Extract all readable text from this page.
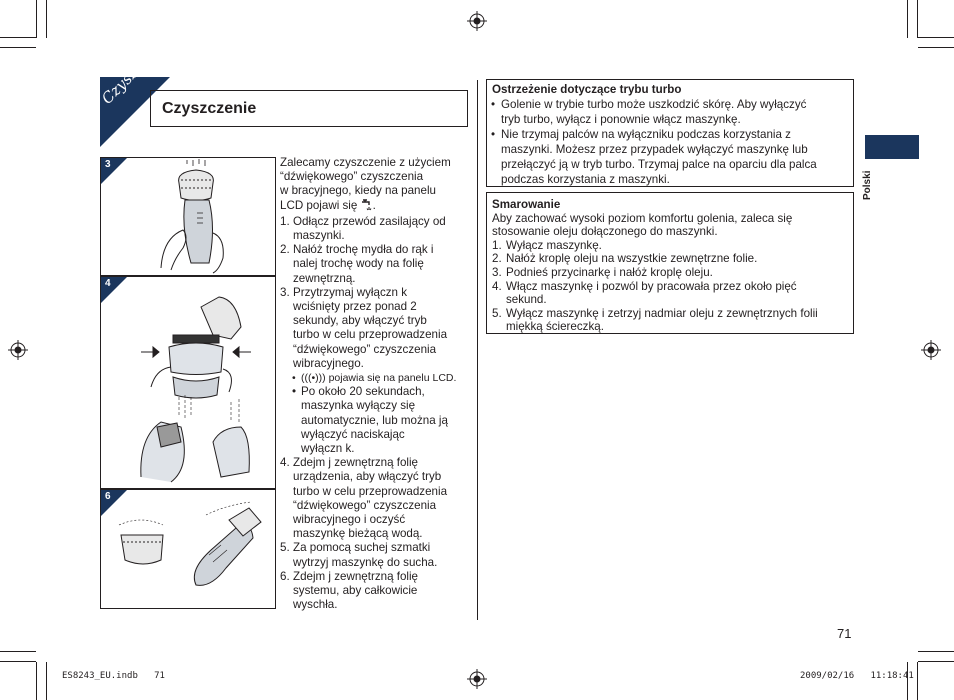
Czyszczenie
Czyszczenie
3
4
6

Zalecamy czyszczenie z użyciem

“dźwiękowego” czyszczenia

w bracyjnego, kiedy na panelu

LCD pojawi się .

1. Odłącz przewód zasilający od
maszynki.
2. Nałóż trochę mydła do rąk i
nalej trochę wody na folię
zewnętrzną.
3. Przytrzymaj wyłączn k
wciśnięty przez ponad 2
sekundy, aby włączyć tryb
turbo w celu przeprowadzenia
“dźwiękowego” czyszczenia
wibracyjnego.
• (((•))) pojawia się na panelu LCD.
• Po około 20 sekundach,
maszynka wyłączy się
automatycznie, lub można ją
wyłączyć naciskając
wyłączn k.
4. Zdejm j zewnętrzną folię
urządzenia, aby włączyć tryb
turbo w celu przeprowadzenia
“dźwiękowego” czyszczenia
wibracyjnego i oczyść
maszynkę bieżącą wodą.
5. Za pomocą suchej szmatki
wytrzyj maszynkę do sucha.
6. Zdejm j zewnętrzną folię
systemu, aby całkowicie
wyschła.
Ostrzeżenie dotyczące trybu turbo
• Golenie w trybie turbo może uszkodzić skórę. Aby wyłączyć
tryb turbo, wyłącz i ponownie włącz maszynkę.
• Nie trzymaj palców na wyłączniku podczas korzystania z
maszynki. Możesz przez przypadek wyłączyć maszynkę lub
przełączyć ją w tryb turbo. Trzymaj palce na oparciu dla palca
podczas korzystania z maszynki.
Smarowanie
Aby zachować wysoki poziom komfortu golenia, zaleca się
stosowanie oleju dołączonego do maszynki.
1. Wyłącz maszynkę.
2. Nałóż kroplę oleju na wszystkie zewnętrzne folie.
3. Podnieś przycinarkę i nałóż kroplę oleju.
4. Włącz maszynkę i pozwól by pracowała przez około pięć
sekund.
5. Wyłącz maszynkę i zetrzyj nadmiar oleju z zewnętrznych folii
miękką ściereczką.
Polski
71
ES8243_EU.indb   71	2009/02/16   11:18:41
